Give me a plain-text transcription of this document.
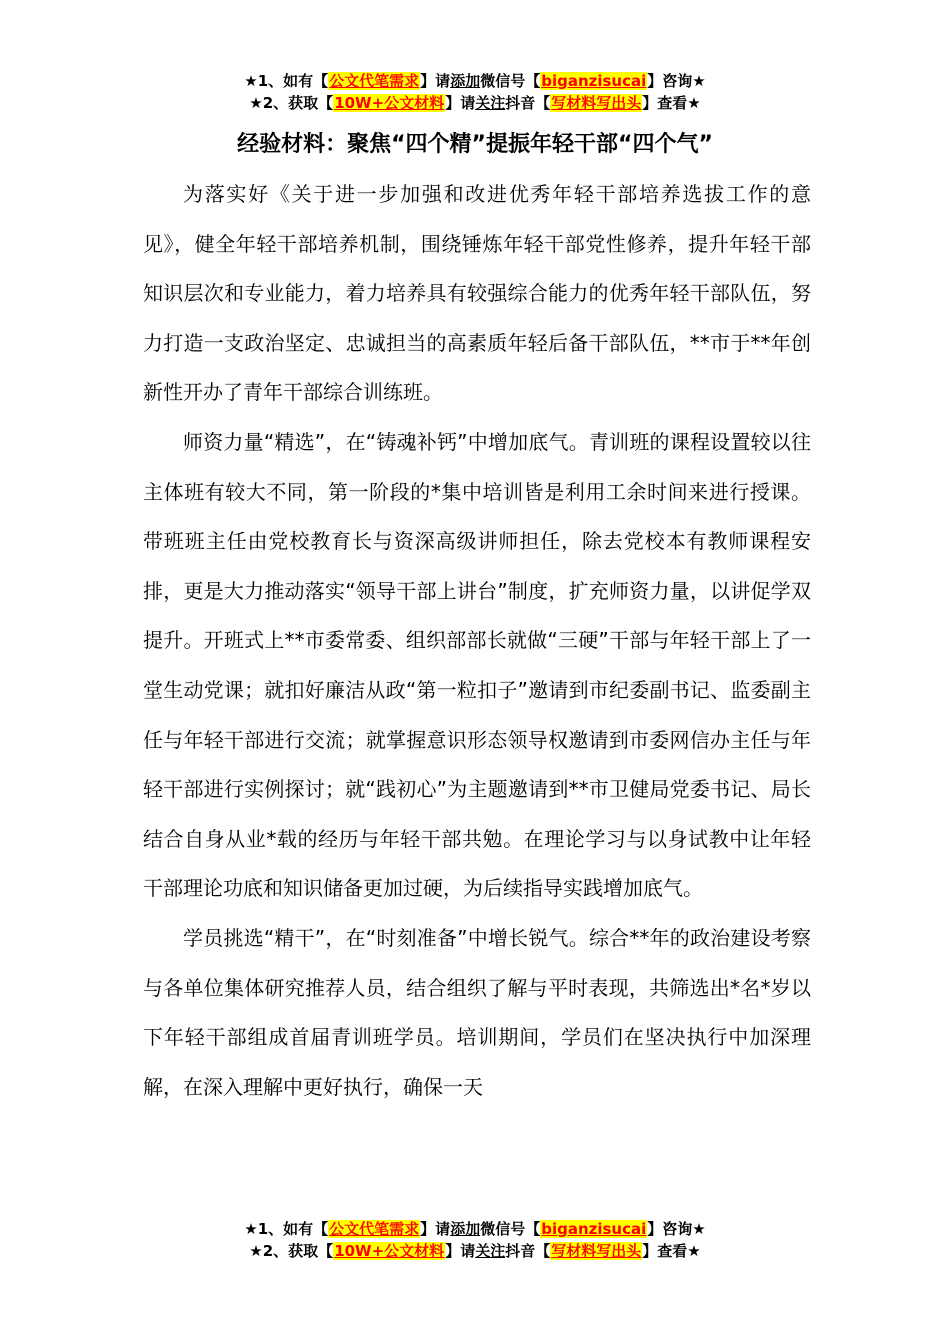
★1、如有【公文代笔需求】请添加微信号【biganzisucai】咨询★
★2、获取【10W+公文材料】请关注抖音【写材料写出头】查看★
经验材料：聚焦“四个精”提振年轻干部“四个气”

为落实好《关于进一步加强和改进优秀年轻干部培养选拔工作的意见》，健全年轻干部培养机制，围绕锤炼年轻干部党性修养，提升年轻干部知识层次和专业能力，着力培养具有较强综合能力的优秀年轻干部队伍，努力打造一支政治坚定、忠诚担当的高素质年轻后备干部队伍，**市于**年创新性开办了青年干部综合训练班。

师资力量“精选”，在“铸魂补钙”中增加底气。青训班的课程设置较以往主体班有较大不同，第一阶段的*集中培训皆是利用工余时间来进行授课。带班班主任由党校教育长与资深高级讲师担任，除去党校本有教师课程安排，更是大力推动落实“领导干部上讲台”制度，扩充师资力量，以讲促学双提升。开班式上**市委常委、组织部部长就做“三硬”干部与年轻干部上了一堂生动党课；就扣好廉洁从政“第一粒扣子”邀请到市纪委副书记、监委副主任与年轻干部进行交流；就掌握意识形态领导权邀请到市委网信办主任与年轻干部进行实例探讨；就“践初心”为主题邀请到**市卫健局党委书记、局长结合自身从业*载的经历与年轻干部共勉。在理论学习与以身试教中让年轻干部理论功底和知识储备更加过硬，为后续指导实践增加底气。

学员挑选“精干”，在“时刻准备”中增长锐气。综合**年的政治建设考察与各单位集体研究推荐人员，结合组织了解与平时表现，共筛选出*名*岁以下年轻干部组成首届青训班学员。培训期间，学员们在坚决执行中加深理解，在深入理解中更好执行，确保一天

★1、如有【公文代笔需求】请添加微信号【biganzisucai】咨询★
★2、获取【10W+公文材料】请关注抖音【写材料写出头】查看★
